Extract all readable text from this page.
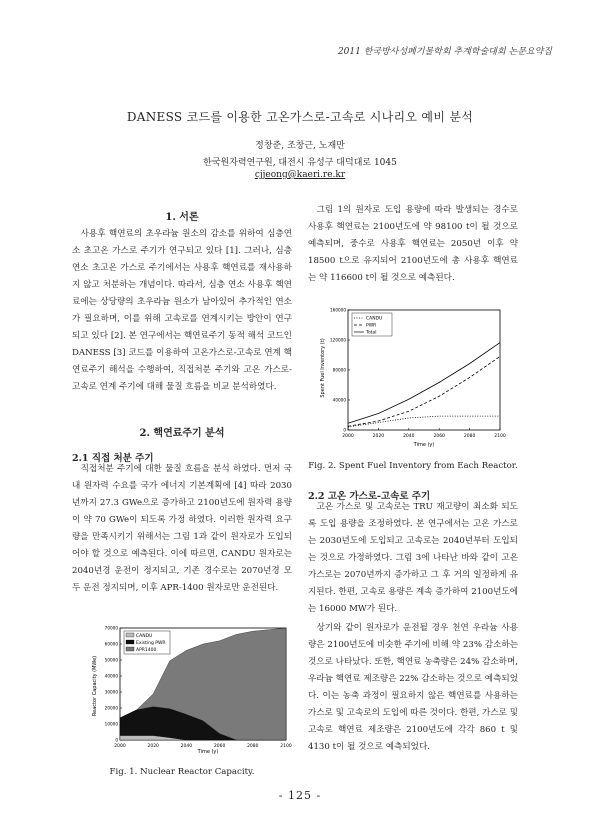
2011 한국방사성폐기물학회 추계학술대회 논문요약집
DANESS 코드를 이용한 고온가스로-고속로 시나리오 예비 분석
정창준, 조창근, 노재만
한국원자력연구원, 대전시 유성구 대덕대로 1045
cjjeong@kaeri.re.kr
1. 서론
사용후 핵연료의 초우라늄 원소의 감소를 위하여 심층연소 초고온 가스로 주기가 연구되고 있다 [1]. 그러나, 심층연소 초고온 가스로 주기에서는 사용후 핵연료를 재사용하지 않고 처분하는 개념이다. 따라서, 심층 연소 사용후 핵연료에는 상당량의 초우라늄 원소가 남아있어 추가적인 연소가 필요하며, 이를 위해 고속로를 연계시키는 방안이 연구되고 있다 [2]. 본 연구에서는 핵연료주기 동적 해석 코드인 DANESS [3] 코드를 이용하여 고온가스로-고속로 연계 핵연료주기 해석을 수행하여, 직접처분 주기와 고온 가스로-고속로 연계 주기에 대해 물질 흐름을 비교 분석하였다.
2. 핵연료주기 분석
2.1 직접 처분 주기
직접처분 주기에 대한 물질 흐름을 분석 하였다. 먼저 국내 원자력 수요를 국가 에너지 기본계획에 [4] 따라 2030년까지 27.3 GWe으로 증가하고 2100년도에 원자력 용량이 약 70 GWe이 되도록 가정 하였다. 이러한 원자력 요구량을 만족시키기 위해서는 그림 1과 같이 원자로가 도입되어야 할 것으로 예측된다. 이에 따르면, CANDU 원자로는 2040년경 운전이 정지되고, 기존 경수로는 2070년경 모두 운전 정지되며, 이후 APR-1400 원자로만 운전된다.
2000	2020	2040	2060	2080	2100
0
10000
20000
30000
40000
50000
60000
70000
CANDU
Existing PWR
APR1400
Reactor Capacity (MWe)
Time (y)
Fig. 1. Nuclear Reactor Capacity.
그림 1의 원자로 도입 용량에 따라 발생되는 경수로 사용후 핵연료는 2100년도에 약 98100 t이 될 것으로 예측되며, 중수로 사용후 핵연료는 2050년 이후 약 18500 t으로 유지되어 2100년도에 총 사용후 핵연료는 약 116600 t이 될 것으로 예측된다.
2000	2020	2040	2060	2080	2100
0
40000
80000
120000
160000
CANDU
PWR
Total
Spent Fuel Inventory (t)
Time (y)
Fig. 2. Spent Fuel Inventory from Each Reactor.
2.2 고온 가스로-고속로 주기
고온 가스로 및 고속로는 TRU 재고량이 최소화 되도록 도입 용량을 조정하였다. 본 연구에서는 고온 가스로는 2030년도에 도입되고 고속로는 2040년부터 도입되는 것으로 가정하였다. 그림 3에 나타난 바와 같이 고온 가스로는 2070년까지 증가하고 그 후 거의 일정하게 유지된다. 한편, 고속로 용량은 계속 증가하여 2100년도에는 16000 MW가 된다.
상기와 같이 원자로가 운전될 경우 천연 우라늄 사용량은 2100년도에 비슷한 주기에 비해 약 23% 감소하는 것으로 나타났다. 또한, 핵연료 농축량은 24% 감소하며, 우라늄 핵연료 제조량은 22% 감소하는 것으로 예측되었다. 이는 농축 과정이 필요하지 않은 핵연료를 사용하는 가스로 및 고속로의 도입에 따른 것이다. 한편, 가스로 및 고속로 핵연료 제조량은 2100년도에 각각 860 t 및 4130 t이 될 것으로 예측되었다.
- 125 -
